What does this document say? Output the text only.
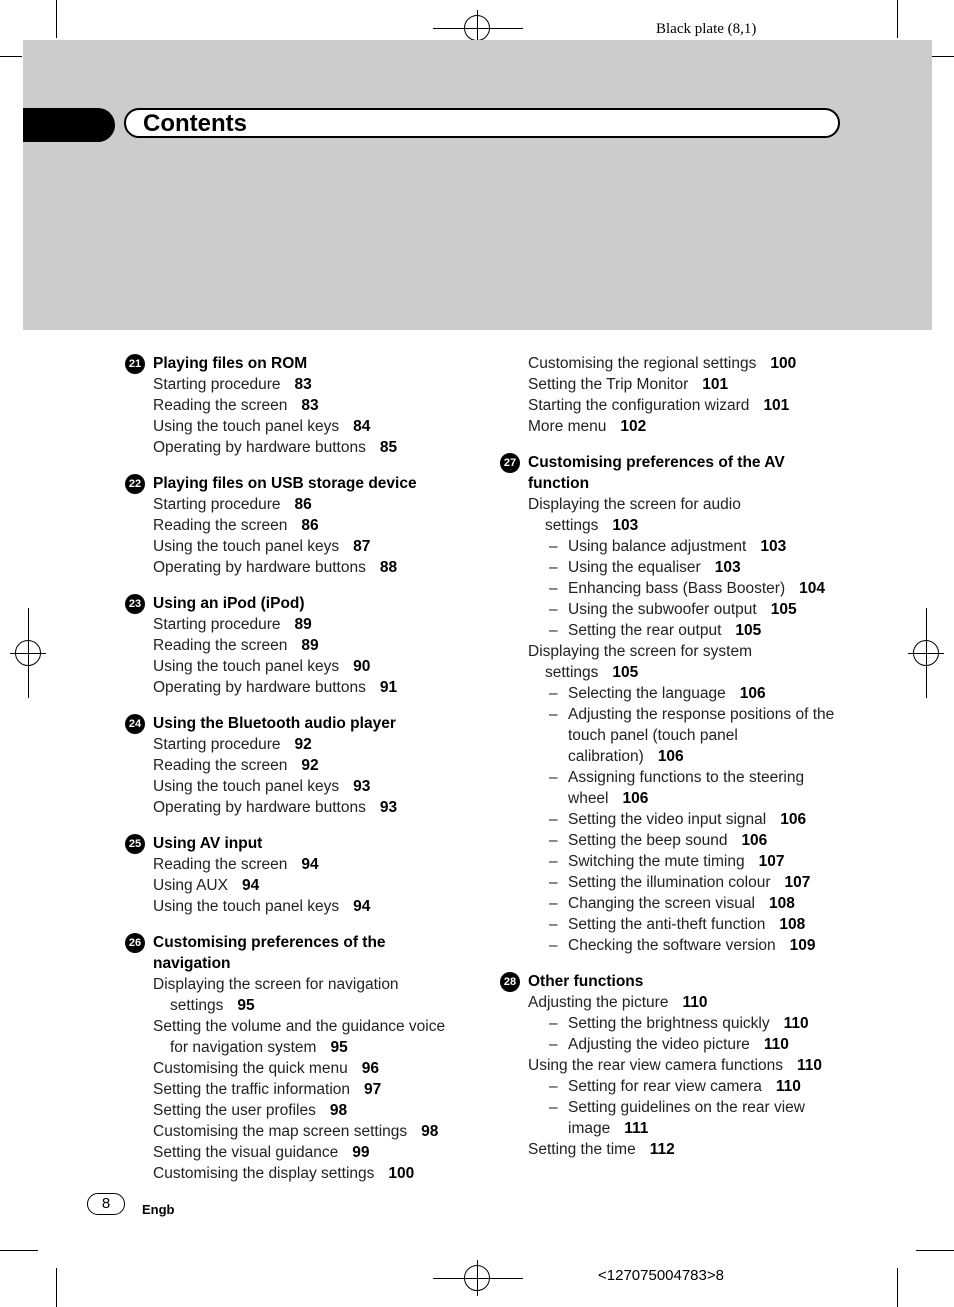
Black plate (8,1)
Contents
21 Playing files on ROM
Starting procedure 83
Reading the screen 83
Using the touch panel keys 84
Operating by hardware buttons 85
22 Playing files on USB storage device
Starting procedure 86
Reading the screen 86
Using the touch panel keys 87
Operating by hardware buttons 88
23 Using an iPod (iPod)
Starting procedure 89
Reading the screen 89
Using the touch panel keys 90
Operating by hardware buttons 91
24 Using the Bluetooth audio player
Starting procedure 92
Reading the screen 92
Using the touch panel keys 93
Operating by hardware buttons 93
25 Using AV input
Reading the screen 94
Using AUX 94
Using the touch panel keys 94
26 Customising preferences of the
navigation
Displaying the screen for navigation
settings 95
Setting the volume and the guidance voice
for navigation system 95
Customising the quick menu 96
Setting the traffic information 97
Setting the user profiles 98
Customising the map screen settings 98
Setting the visual guidance 99
Customising the display settings 100
Customising the regional settings 100
Setting the Trip Monitor 101
Starting the configuration wizard 101
More menu 102
27 Customising preferences of the AV
function
Displaying the screen for audio
settings 103
– Using balance adjustment 103
– Using the equaliser 103
– Enhancing bass (Bass Booster) 104
– Using the subwoofer output 105
– Setting the rear output 105
Displaying the screen for system
settings 105
– Selecting the language 106
– Adjusting the response positions of the
touch panel (touch panel
calibration) 106
– Assigning functions to the steering
wheel 106
– Setting the video input signal 106
– Setting the beep sound 106
– Switching the mute timing 107
– Setting the illumination colour 107
– Changing the screen visual 108
– Setting the anti-theft function 108
– Checking the software version 109
28 Other functions
Adjusting the picture 110
– Setting the brightness quickly 110
– Adjusting the video picture 110
Using the rear view camera functions 110
– Setting for rear view camera 110
– Setting guidelines on the rear view
image 111
Setting the time 112
8	Engb
<127075004783>8
